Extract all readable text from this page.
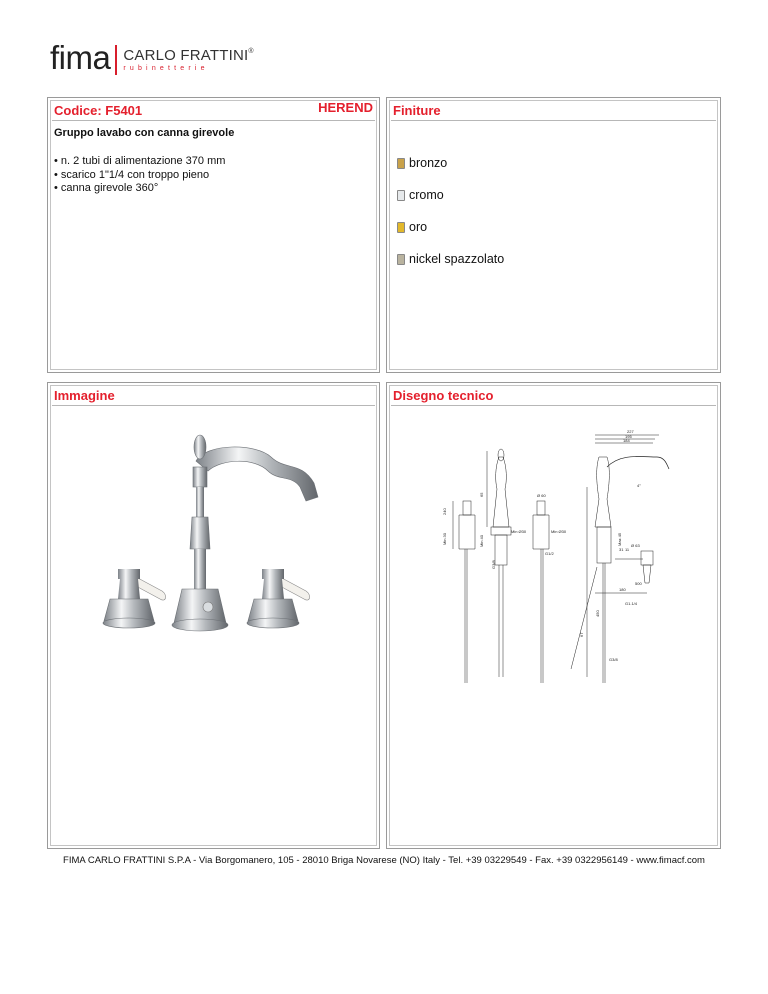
fima CARLO FRATTINI®
rubinetterie
Codice: F5401	HEREND
Gruppo lavabo con canna girevole
• n. 2 tubi di alimentazione 370 mm
• scarico 1"1/4 con troppo pieno
• canna girevole 360°
Finiture
bronzo
cromo
oro
nickel spazzolato
Immagine	Disegno tecnico
227
195
184
4°
240
Min 30
65
Min 40
Min Ø30
G3/8
Ø 60
Min Ø30
G1/2
67
450
Max 45 Ø 63
180
G1.1/4
G3/8
500
11
31
FIMA CARLO FRATTINI S.P.A - Via Borgomanero, 105 - 28010 Briga Novarese (NO) Italy - Tel. +39 03229549 - Fax. +39 0322956149 - www.fimacf.com
